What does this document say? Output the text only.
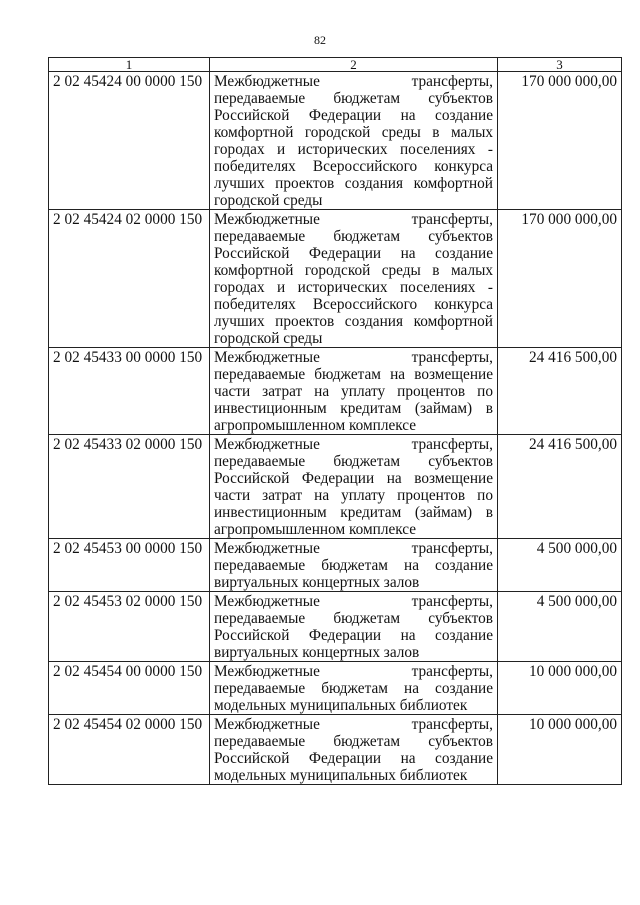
82
1	2	3
2 02 45424 00 0000 150	Межбюджетные трансферты, передаваемые бюджетам субъектов Российской Федерации на создание комфортной городской среды в малых городах и исторических поселениях - победителях Всероссийского конкурса лучших проектов создания комфортной городской среды	170 000 000,00
2 02 45424 02 0000 150	Межбюджетные трансферты, передаваемые бюджетам субъектов Российской Федерации на создание комфортной городской среды в малых городах и исторических поселениях - победителях Всероссийского конкурса лучших проектов создания комфортной городской среды	170 000 000,00
2 02 45433 00 0000 150	Межбюджетные трансферты, передаваемые бюджетам на возмещение части затрат на уплату процентов по инвестиционным кредитам (займам) в агропромышленном комплексе	24 416 500,00
2 02 45433 02 0000 150	Межбюджетные трансферты, передаваемые бюджетам субъектов Российской Федерации на возмещение части затрат на уплату процентов по инвестиционным кредитам (займам) в агропромышленном комплексе	24 416 500,00
2 02 45453 00 0000 150	Межбюджетные трансферты, передаваемые бюджетам на создание виртуальных концертных залов	4 500 000,00
2 02 45453 02 0000 150	Межбюджетные трансферты, передаваемые бюджетам субъектов Российской Федерации на создание виртуальных концертных залов	4 500 000,00
2 02 45454 00 0000 150	Межбюджетные трансферты, передаваемые бюджетам на создание модельных муниципальных библиотек	10 000 000,00
2 02 45454 02 0000 150	Межбюджетные трансферты, передаваемые бюджетам субъектов Российской Федерации на создание модельных муниципальных библиотек	10 000 000,00
